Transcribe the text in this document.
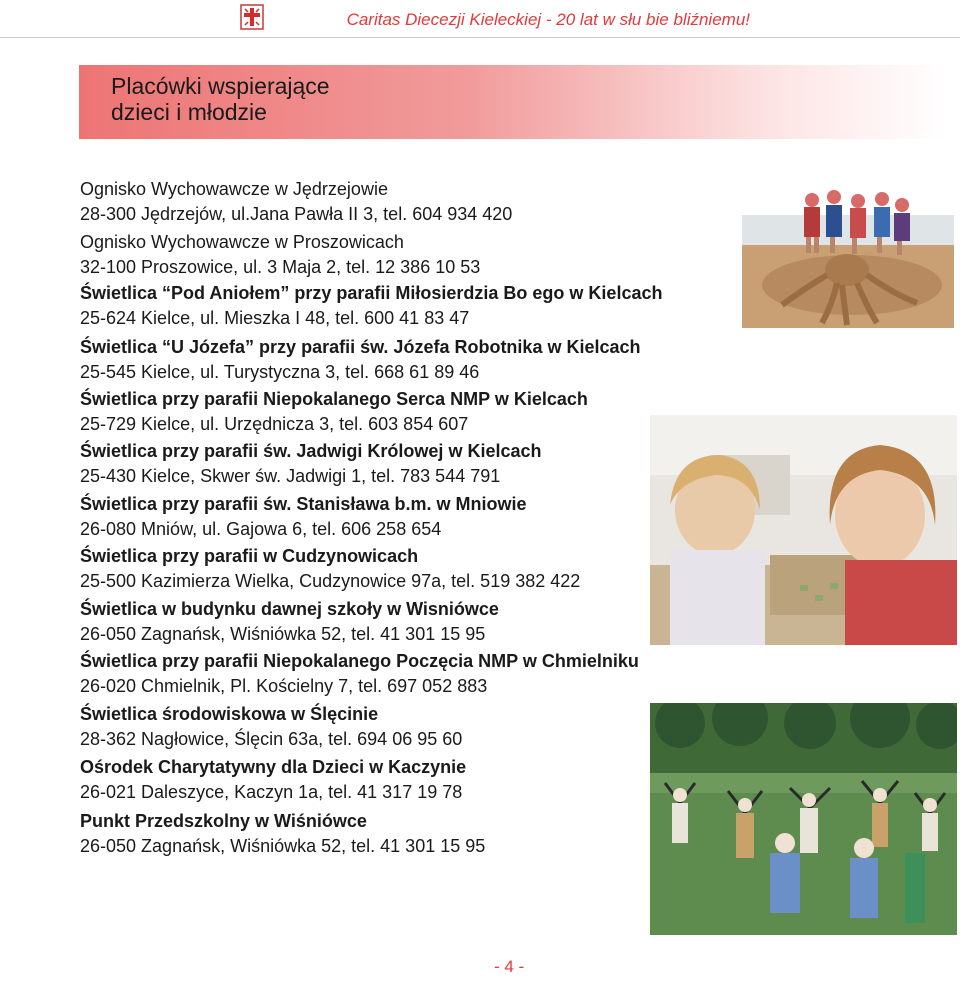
Caritas Diecezji Kieleckiej - 20 lat w słu bie bliźniemu!
Placówki wspierające
dzieci i młodzie
Ognisko Wychowawcze w Jędrzejowie
28-300 Jędrzejów, ul.Jana Pawła II 3, tel. 604 934 420
Ognisko Wychowawcze w Proszowicach
32-100 Proszowice, ul. 3 Maja 2, tel. 12 386 10 53
Świetlica “Pod Aniołem” przy parafii Miłosierdzia Bo ego w Kielcach
25-624 Kielce, ul. Mieszka I 48, tel. 600 41 83 47
Świetlica “U Józefa” przy parafii św. Józefa Robotnika w Kielcach
25-545 Kielce, ul. Turystyczna 3, tel. 668 61 89 46
Świetlica przy parafii Niepokalanego Serca NMP w Kielcach
25-729 Kielce, ul. Urzędnicza 3, tel. 603 854 607
Świetlica przy parafii św. Jadwigi Królowej w Kielcach
25-430 Kielce, Skwer św. Jadwigi 1, tel. 783 544 791
Świetlica przy parafii św. Stanisława b.m. w Mniowie
26-080 Mniów, ul. Gajowa 6, tel. 606 258 654
Świetlica przy parafii w Cudzynowicach
25-500 Kazimierza Wielka, Cudzynowice 97a, tel. 519 382 422
Świetlica w budynku dawnej szkoły w Wisniówce
26-050 Zagnańsk, Wiśniówka 52, tel. 41 301 15 95
Świetlica przy parafii Niepokalanego Poczęcia NMP w Chmielniku
26-020 Chmielnik, Pl. Kościelny 7, tel. 697 052 883
Świetlica środowiskowa w Ślęcinie
28-362 Nagłowice, Ślęcin 63a, tel. 694 06 95 60
Ośrodek Charytatywny dla Dzieci w Kaczynie
26-021 Daleszyce, Kaczyn 1a, tel. 41 317 19 78
Punkt Przedszkolny w Wiśniówce
26-050 Zagnańsk, Wiśniówka 52, tel. 41 301 15 95
- 4 -
